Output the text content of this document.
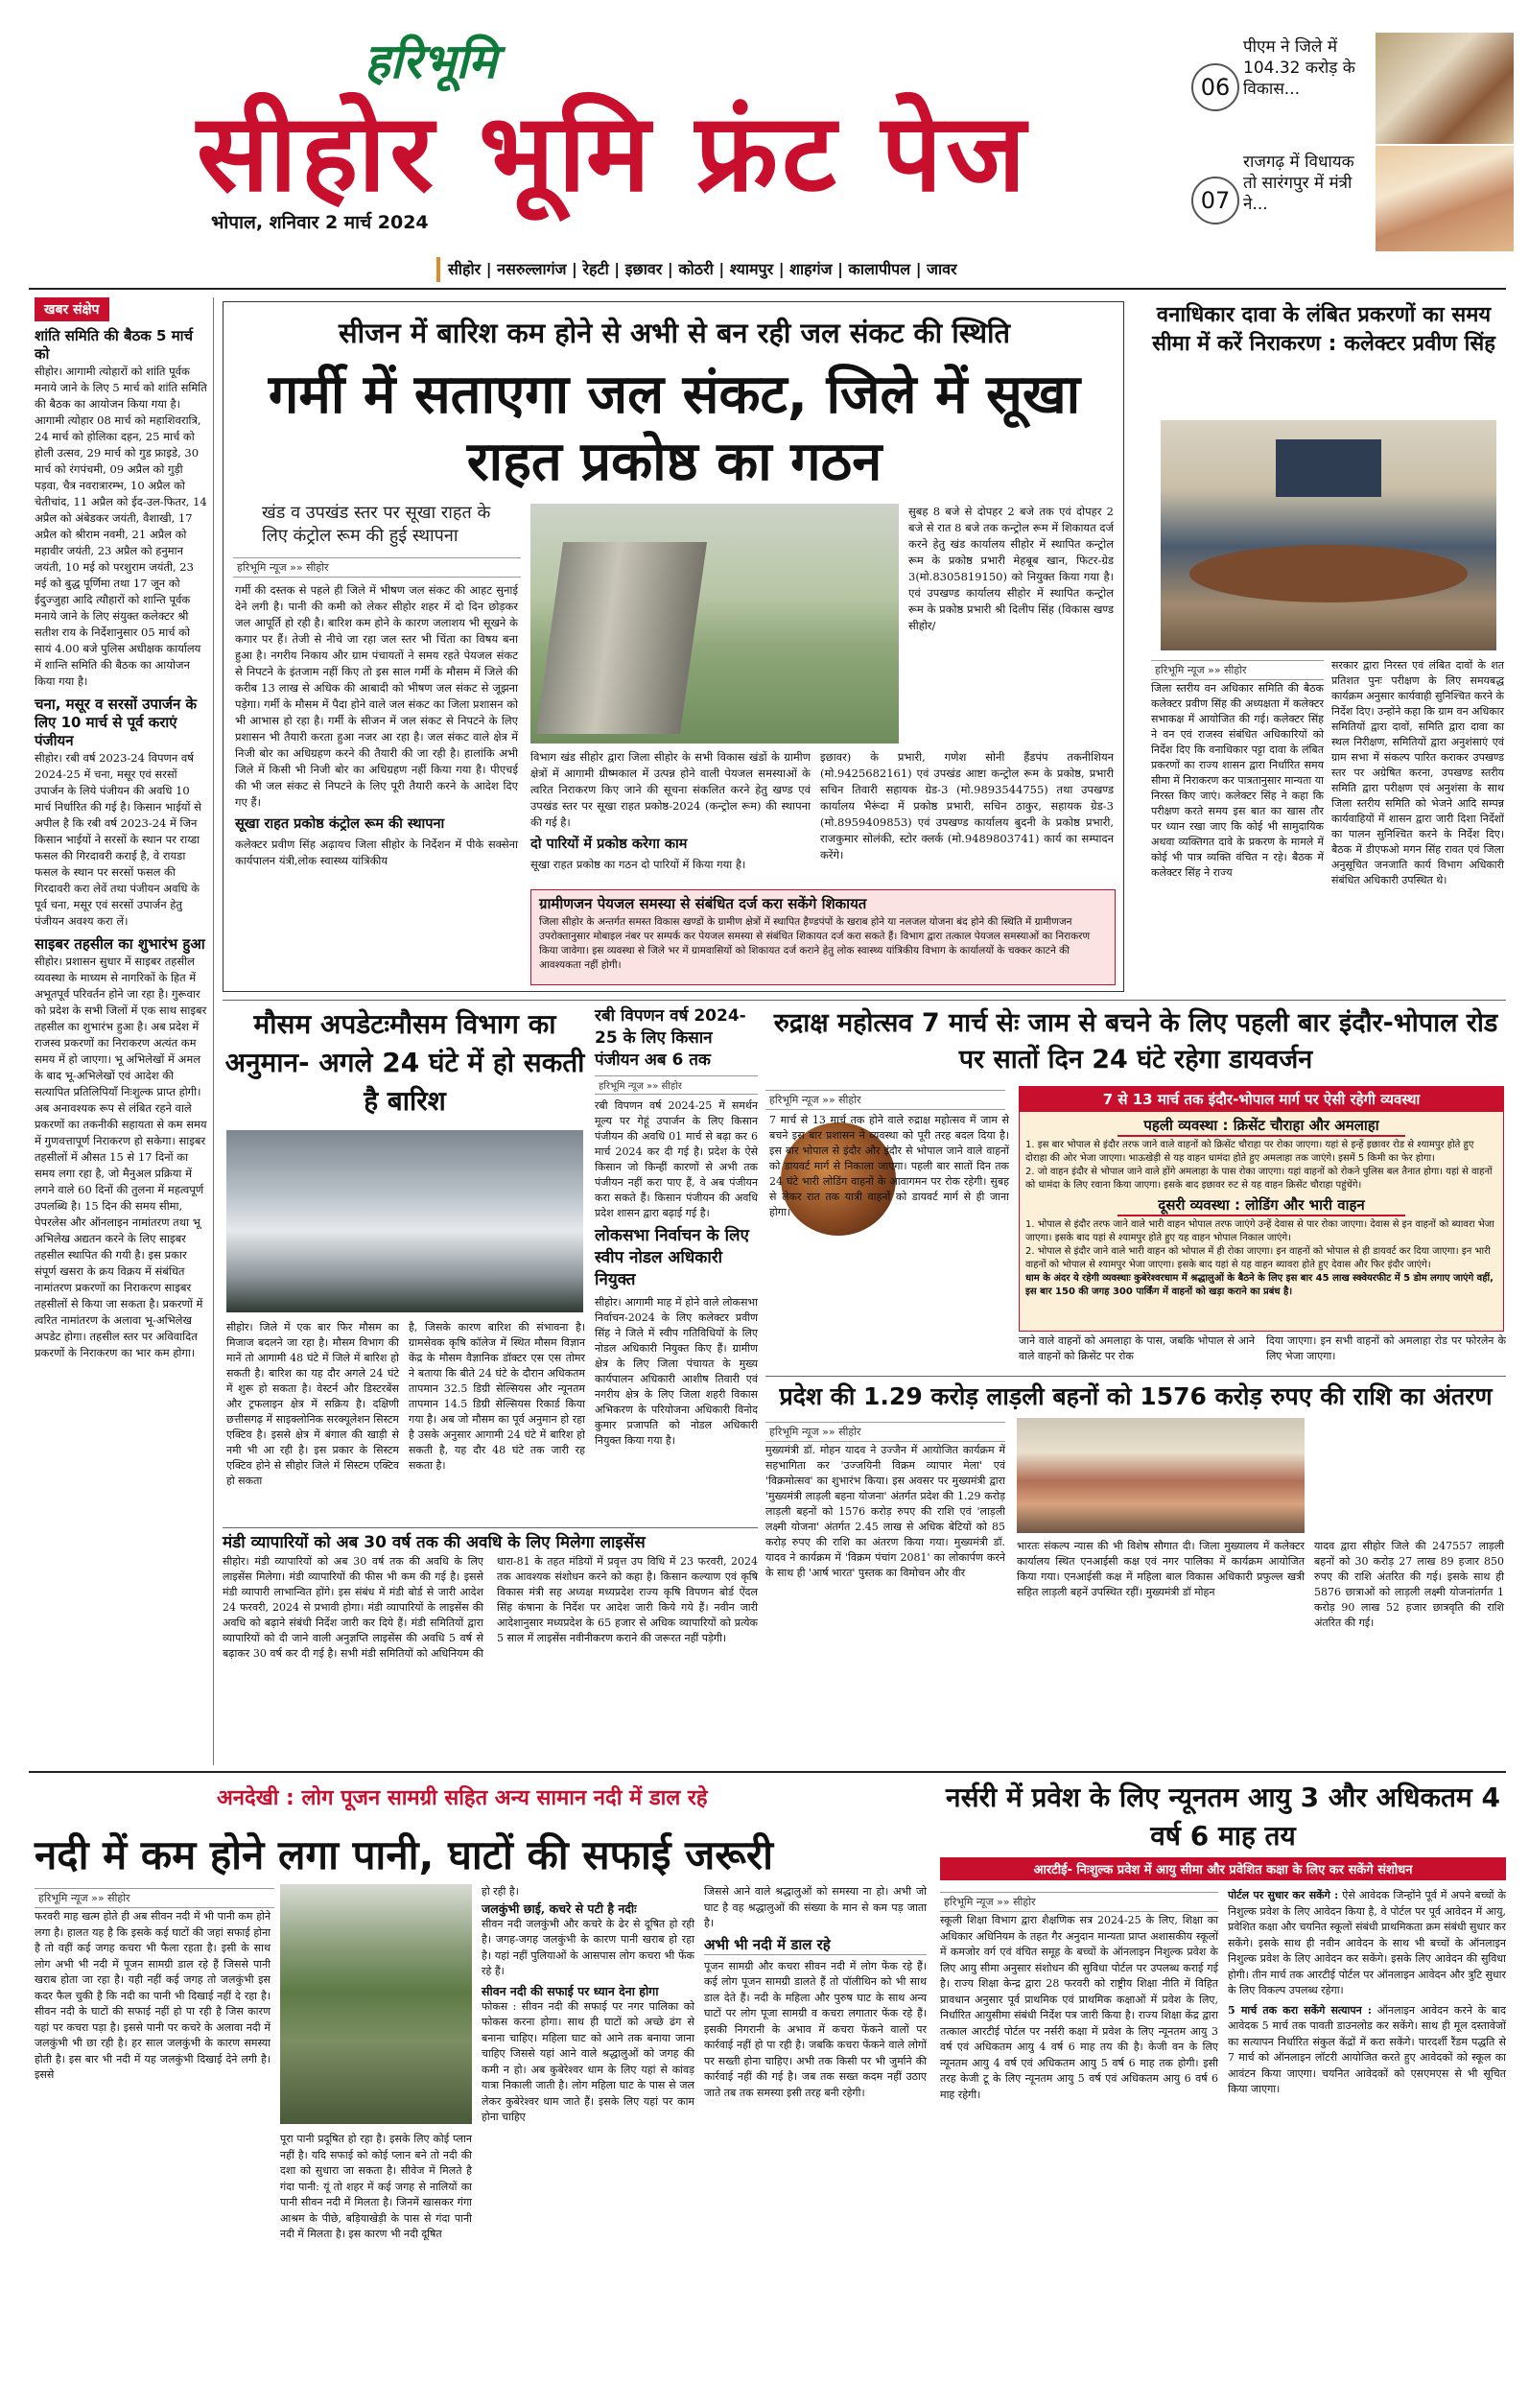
हरिभूमि
सीहोर भूमि फ्रंट पेज
भोपाल, शनिवार 2 मार्च 2024
06
पीएम ने जिले में 104.32 करोड़ के विकास...
07
राजगढ़ में विधायक तो सारंगपुर में मंत्री ने...
सीहोर | नसरुल्लागंज | रेहटी | इछावर | कोठरी | श्यामपुर | शाहगंज | कालापीपल | जावर
खबर संक्षेप
शांति समिति की बैठक 5 मार्च को
सीहोर। आगामी त्योहारों को शांति पूर्वक मनाये जाने के लिए 5 मार्च को शांति समिति की बैठक का आयोजन किया गया है। आगामी त्योहार 08 मार्च को महाशिवरात्रि, 24 मार्च को होलिका दहन, 25 मार्च को होली उत्सव, 29 मार्च को गुड फ्राइडे, 30 मार्च को रंगपंचमी, 09 अप्रैल को गुड़ी पड़वा, चैत्र नवरात्रारम्भ, 10 अप्रैल को चेतीचांद, 11 अप्रैल को ईद-उल-फितर, 14 अप्रैल को अंबेडकर जयंती, वैशाखी, 17 अप्रैल को श्रीराम नवमी, 21 अप्रैल को महावीर जयंती, 23 अप्रैल को हनुमान जयंती, 10 मई को परशुराम जयंती, 23 मई को बुद्ध पूर्णिमा तथा 17 जून को ईदुज्जुहा आदि त्यौहारों को शान्ति पूर्वक मनाये जाने के लिए संयुक्त कलेक्टर श्री सतीश राय के निर्देशानुसार 05 मार्च को सायं 4.00 बजे पुलिस अधीक्षक कार्यालय में शान्ति समिति की बैठक का आयोजन किया गया है।
चना, मसूर व सरसों उपार्जन के लिए 10 मार्च से पूर्व कराएं पंजीयन
सीहोर। रबी वर्ष 2023-24 विपणन वर्ष 2024-25 में चना, मसूर एवं सरसों उपार्जन के लिये पंजीयन की अवधि 10 मार्च निर्धारित की गई है। किसान भाईयों से अपील है कि रबी वर्ष 2023-24 में जिन किसान भाईयों ने सरसों के स्थान पर राय्डा फसल की गिरदावरी कराई है, वे रायडा फसल के स्थान पर सरसों फसल की गिरदावरी करा लेवें तथा पंजीयन अवधि के पूर्व चना, मसूर एवं सरसों उपार्जन हेतु पंजीयन अवश्य करा लें।
साइबर तहसील का शुभारंभ हुआ
सीहोर। प्रशासन सुधार में साइबर तहसील व्यवस्था के माध्यम से नागरिकों के हित में अभूतपूर्व परिवर्तन होने जा रहा है। गुरूवार को प्रदेश के सभी जिलों में एक साथ साइबर तहसील का शुभारंभ हुआ है। अब प्रदेश में राजस्व प्रकरणों का निराकरण अत्यंत कम समय में हो जाएगा। भू अभिलेखों में अमल के बाद भू-अभिलेखों एवं आदेश की सत्यापित प्रतिलिपियाँ निःशुल्क प्राप्त होगी। अब अनावश्यक रूप से लंबित रहने वाले प्रकरणों का तकनीकी सहायता से कम समय में गुणवत्तापूर्ण निराकरण हो सकेगा। साइबर तहसीलों में औसत 15 से 17 दिनों का समय लगा रहा है, जो मैनुअल प्रक्रिया में लगने वाले 60 दिनों की तुलना में महत्वपूर्ण उपलब्धि है। 15 दिन की समय सीमा, पेपरलेस और ऑनलाइन नामांतरण तथा भू अभिलेख अद्यतन करने के लिए साइबर तहसील स्थापित की गयी है। इस प्रकार संपूर्ण खसरा के क्रय विक्रय में संबंधित नामांतरण प्रकरणों का निराकरण साइबर तहसीलों से किया जा सकता है। प्रकरणों में त्वरित नामांतरण के अलावा भू-अभिलेख अपडेट होगा। तहसील स्तर पर अविवादित प्रकरणों के निराकरण का भार कम होगा।
सीजन में बारिश कम होने से अभी से बन रही जल संकट की स्थिति
गर्मी में सताएगा जल संकट, जिले में सूखा राहत प्रकोष्ठ का गठन
खंड व उपखंड स्तर पर सूखा राहत के लिए कंट्रोल रूम की हुई स्थापना
हरिभूमि न्यूज »» सीहोर
गर्मी की दस्तक से पहले ही जिले में भीषण जल संकट की आहट सुनाई देने लगी है। पानी की कमी को लेकर सीहोर शहर में दो दिन छोड़कर जल आपूर्ति हो रही है। बारिश कम होने के कारण जलाशय भी सूखने के कगार पर हैं। तेजी से नीचे जा रहा जल स्तर भी चिंता का विषय बना हुआ है। नगरीय निकाय और ग्राम पंचायतों ने समय रहते पेयजल संकट से निपटने के इंतजाम नहीं किए तो इस साल गर्मी के मौसम में जिले की करीब 13 लाख से अधिक की आबादी को भीषण जल संकट से जूझना पड़ेगा। गर्मी के मौसम में पैदा होने वाले जल संकट का जिला प्रशासन को भी आभास हो रहा है। गर्मी के सीजन में जल संकट से निपटने के लिए प्रशासन भी तैयारी करता हुआ नजर आ रहा है। जल संकट वाले क्षेत्र में निजी बोर का अधिग्रहण करने की तैयारी की जा रही है। हालांकि अभी जिले में किसी भी निजी बोर का अधिग्रहण नहीं किया गया है। पीएचई की भी जल संकट से निपटने के लिए पूरी तैयारी करने के आदेश दिए गए हैं।
सूखा राहत प्रकोष्ठ कंट्रोल रूम की स्थापना
कलेक्टर प्रवीण सिंह अढ़ायच जिला सीहोर के निर्देशन में पीके सक्सेना कार्यपालन यंत्री,लोक स्वास्थ्य यांत्रिकीय
सुबह 8 बजे से दोपहर 2 बजे तक एवं दोपहर 2 बजे से रात 8 बजे तक कन्ट्रोल रूम में शिकायत दर्ज करने हेतु खंड कार्यालय सीहोर में स्थापित कन्ट्रोल रूम के प्रकोष्ठ प्रभारी मेहबूब खान, फिटर-ग्रेड 3(मो.8305819150) को नियुक्त किया गया है। एवं उपखण्ड कार्यालय सीहोर में स्थापित कन्ट्रोल रूम के प्रकोष्ठ प्रभारी श्री दिलीप सिंह (विकास खण्ड सीहोर/
विभाग खंड सीहोर द्वारा जिला सीहोर के सभी विकास खंडों के ग्रामीण क्षेत्रों में आगामी ग्रीष्मकाल में उत्पन्न होने वाली पेयजल समस्याओं के त्वरित निराकरण किए जाने की सूचना संकलित करने हेतु खण्ड एवं उपखंड स्तर पर सूखा राहत प्रकोष्ठ-2024 (कन्ट्रोल रूम) की स्थापना की गई है।
दो पारियों में प्रकोष्ठ करेगा काम
सूखा राहत प्रकोष्ठ का गठन दो पारियों में किया गया है।
इछावर) के प्रभारी, गणेश सोनी हैंडपंप तकनीशियन (मो.9425682161) एवं उपखंड आष्टा कन्ट्रोल रूम के प्रकोष्ठ, प्रभारी सचिन तिवारी सहायक ग्रेड-3 (मो.9893544755) तथा उपखण्ड कार्यालय भैरूंदा में प्रकोष्ठ प्रभारी, सचिन ठाकुर, सहायक ग्रेड-3 (मो.8959409853) एवं उपखण्ड कार्यालय बुदनी के प्रकोष्ठ प्रभारी, राजकुमार सोलंकी, स्टोर क्लर्क (मो.9489803741) कार्य का सम्पादन करेंगे।
ग्रामीणजन पेयजल समस्या से संबंधित दर्ज करा सकेंगे शिकायत
जिला सीहोर के अन्तर्गत समस्त विकास खण्डों के ग्रामीण क्षेत्रों में स्थापित हैण्डपंपों के खराब होने या नलजल योजना बंद होने की स्थिति में ग्रामीणजन उपरोक्तानुसार मोबाइल नंबर पर सम्पर्क कर पेयजल समस्या से संबंधित शिकायत दर्ज करा सकते हैं। विभाग द्वारा तत्काल पेयजल समस्याओं का निराकरण किया जावेगा। इस व्यवस्था से जिले भर में ग्रामवासियों को शिकायत दर्ज कराने हेतु लोक स्वास्थ्य यांत्रिकीय विभाग के कार्यालयों के चक्कर काटने की आवश्यकता नहीं होगी।
वनाधिकार दावा के लंबित प्रकरणों का समय सीमा में करें निराकरण : कलेक्टर प्रवीण सिंह
हरिभूमि न्यूज »» सीहोर
जिला स्तरीय वन अधिकार समिति की बैठक कलेक्टर प्रवीण सिंह की अध्यक्षता में कलेक्टर सभाकक्ष में आयोजित की गई। कलेक्टर सिंह ने वन एवं राजस्व संबंधित अधिकारियों को निर्देश दिए कि वनाधिकार पट्टा दावा के लंबित प्रकरणों का राज्य शासन द्वारा निर्धारित समय सीमा में निराकरण कर पात्रतानुसार मान्यता या निरस्त किए जाएं। कलेक्टर सिंह ने कहा कि परीक्षण करते समय इस बात का खास तौर पर ध्यान रखा जाए कि कोई भी सामुदायिक अथवा व्यक्तिगत दावे के प्रकरण के मामले में कोई भी पात्र व्यक्ति वंचित न रहे। बैठक में कलेक्टर सिंह ने राज्य
सरकार द्वारा निरस्त एवं लंबित दावों के शत प्रतिशत पुनः परीक्षण के लिए समयबद्ध कार्यक्रम अनुसार कार्यवाही सुनिश्चित करने के निर्देश दिए। उन्होंने कहा कि ग्राम वन अधिकार समितियों द्वारा दावों, समिति द्वारा दावा का स्थल निरीक्षण, समितियों द्वारा अनुशंसाएं एवं ग्राम सभा में संकल्प पारित कराकर उपखण्ड स्तर पर अग्रेषित करना, उपखण्ड स्तरीय समिति द्वारा परीक्षण एवं अनुशंसा के साथ जिला स्तरीय समिति को भेजने आदि सम्पन्न कार्यवाहियों में शासन द्वारा जारी दिशा निर्देशों का पालन सुनिश्चित करने के निर्देश दिए। बैठक में डीएफओ मगन सिंह रावत एवं जिला अनुसूचित जनजाति कार्य विभाग अधिकारी संबंधित अधिकारी उपस्थित थे।
मौसम अपडेटःमौसम विभाग का अनुमान- अगले 24 घंटे में हो सकती है बारिश
सीहोर। जिले में एक बार फिर मौसम का मिजाज बदलने जा रहा है। मौसम विभाग की मानें तो आगामी 48 घंटे में जिले में बारिश हो सकती है। बारिश का यह दौर अगले 24 घंटे में शुरू हो सकता है। वेस्टर्न और डिस्टरबेंस और ट्रफलाइन क्षेत्र में सक्रिय है। दक्षिणी छत्तीसगढ़ में साइक्लोनिक सरक्यूलेशन सिस्टम एक्टिव है। इससे क्षेत्र में बंगाल की खाड़ी से नमी भी आ रही है। इस प्रकार के सिस्टम एक्टिव होने से सीहोर जिले में सिस्टम एक्टिव हो सकता
है, जिसके कारण बारिश की संभावना है। ग्रामसेवक कृषि कॉलेज में स्थित मौसम विज्ञान केंद्र के मौसम वैज्ञानिक डॉक्टर एस एस तोमर ने बताया कि बीते 24 घंटे के दौरान अधिकतम तापमान 32.5 डिग्री सेल्सियस और न्यूनतम तापमान 14.5 डिग्री सेल्सियस रिकार्ड किया गया है। अब जो मौसम का पूर्व अनुमान हो रहा है उसके अनुसार आगामी 24 घंटे में बारिश हो सकती है, यह दौर 48 घंटे तक जारी रह सकता है।
रबी विपणन वर्ष 2024-25 के लिए किसान पंजीयन अब 6 तक
हरिभूमि न्यूज »» सीहोर
रबी विपणन वर्ष 2024-25 में समर्थन मूल्य पर गेहूं उपार्जन के लिए किसान पंजीयन की अवधि 01 मार्च से बढ़ा कर 6 मार्च 2024 कर दी गई है। प्रदेश के ऐसे किसान जो किन्हीं कारणों से अभी तक पंजीयन नहीं करा पाए हैं, वे अब पंजीयन करा सकते हैं। किसान पंजीयन की अवधि प्रदेश शासन द्वारा बढ़ाई गई है।
लोकसभा निर्वाचन के लिए स्वीप नोडल अधिकारी नियुक्त
सीहोर। आगामी माह में होने वाले लोकसभा निर्वाचन-2024 के लिए कलेक्टर प्रवीण सिंह ने जिले में स्वीप गतिविधियों के लिए नोडल अधिकारी नियुक्त किए हैं। ग्रामीण क्षेत्र के लिए जिला पंचायत के मुख्य कार्यपालन अधिकारी आशीष तिवारी एवं नगरीय क्षेत्र के लिए जिला शहरी विकास अभिकरण के परियोजना अधिकारी विनोद कुमार प्रजापति को नोडल अधिकारी नियुक्त किया गया है।
रुद्राक्ष महोत्सव 7 मार्च सेः जाम से बचने के लिए पहली बार इंदौर-भोपाल रोड पर सातों दिन 24 घंटे रहेगा डायवर्जन
हरिभूमि न्यूज »» सीहोर
7 मार्च से 13 मार्च तक होने वाले रुद्राक्ष महोत्सव में जाम से बचने इस बार प्रशासन ने व्यवस्था को पूरी तरह बदल दिया है। इस बार भोपाल से इंदौर और इंदौर से भोपाल जाने वाले वाहनों को डायवर्ट मार्ग से निकाला जाएगा। पहली बार सातों दिन तक 24 घंटे भारी लोडिंग वाहनों के आवागमन पर रोक रहेगी। सुबह से लेकर रात तक यात्री वाहनों को डायवर्ट मार्ग से ही जाना होगा।
7 से 13 मार्च तक इंदौर-भोपाल मार्ग पर ऐसी रहेगी व्यवस्था
पहली व्यवस्था : क्रिसेंट चौराहा और अमलाहा
1. इस बार भोपाल से इंदौर तरफ जाने वाले वाहनों को क्रिसेंट चौराहा पर रोका जाएगा। यहां से इन्हें इछावर रोड से श्यामपुर होते हुए दोराहा की ओर भेजा जाएगा। भाऊखेड़ी से यह वाहन धामंदा होते हुए अमलाहा तक जाएंगे। इसमें 5 किमी का फेर होगा।
2. जो वाहन इंदौर से भोपाल जाने वाले होंगे अमलाहा के पास रोका जाएगा। यहां वाहनों को रोकने पुलिस बल तैनात होगा। यहां से वाहनों को धामंदा के लिए रवाना किया जाएगा। इसके बाद इछावर रुट से यह वाहन क्रिसेंट चौराहा पहुंचेंगे।
दूसरी व्यवस्था : लोडिंग और भारी वाहन
1. भोपाल से इंदौर तरफ जाने वाले भारी वाहन भोपाल तरफ जाएंगे उन्हें देवास से पार रोका जाएगा। देवास से इन वाहनों को ब्यावरा भेजा जाएगा। इसके बाद यहां से श्यामपुर होते हुए यह वाहन भोपाल निकाल जाएंगे।
2. भोपाल से इंदौर जाने वाले भारी वाहन को भोपाल में ही रोका जाएगा। इन वाहनों को भोपाल से ही डायवर्ट कर दिया जाएगा। इन भारी वाहनों को भोपाल से श्यामपुर भेजा जाएगा। इसके बाद यहां से यह वाहन ब्यावरा होते हुए देवास और फिर इंदौर जाएंगे।
धाम के अंदर ये रहेगी व्यवस्थाः कुबेरेश्वरधाम में श्रद्धालुओं के बैठने के लिए इस बार 45 लाख स्क्वेयरफीट में 5 डोम लगाए जाएंगे वहीं, इस बार 150 की जगह 300 पार्किंग में वाहनों को खड़ा कराने का प्रबंध है।
जाने वाले वाहनों को अमलाहा के पास, जबकि भोपाल से आने वाले वाहनों को क्रिसेंट पर रोक
दिया जाएगा। इन सभी वाहनों को अमलाहा रोड पर फोरलेन के लिए भेजा जाएगा।
प्रदेश की 1.29 करोड़ लाड़ली बहनों को 1576 करोड़ रुपए की राशि का अंतरण
हरिभूमि न्यूज »» सीहोर
मुख्यमंत्री डॉ. मोहन यादव ने उज्जैन में आयोजित कार्यक्रम में सहभागिता कर 'उज्जयिनी विक्रम व्यापार मेला' एवं 'विक्रमोत्सव' का शुभारंभ किया। इस अवसर पर मुख्यमंत्री द्वारा 'मुख्यमंत्री लाड़ली बहना योजना' अंतर्गत प्रदेश की 1.29 करोड़ लाड़ली बहनों को 1576 करोड़ रुपए की राशि एवं 'लाड़ली लक्ष्मी योजना' अंतर्गत 2.45 लाख से अधिक बेटियों को 85 करोड़ रुपए की राशि का अंतरण किया गया। मुख्यमंत्री डॉ. यादव ने कार्यक्रम में 'विक्रम पंचांग 2081' का लोकार्पण करने के साथ ही 'आर्ष भारत' पुस्तक का विमोचन और वीर
भारतः संकल्प न्यास की भी विशेष सौगात दी। जिला मुख्यालय में कलेक्टर कार्यालय स्थित एनआईसी कक्ष एवं नगर पालिका में कार्यक्रम आयोजित किया गया। एनआईसी कक्ष में महिला बाल विकास अधिकारी प्रफुल्ल खत्री सहित लाड़ली बहनें उपस्थित रहीं। मुख्यमंत्री डॉ मोहन
यादव द्वारा सीहोर जिले की 247557 लाड़ली बहनों को 30 करोड़ 27 लाख 89 हजार 850 रुपए की राशि अंतरित की गई। इसके साथ ही 5876 छात्राओं को लाड़ली लक्ष्मी योजनांतर्गत 1 करोड़ 90 लाख 52 हजार छात्रवृति की राशि अंतरित की गई।
मंडी व्यापारियों को अब 30 वर्ष तक की अवधि के लिए मिलेगा लाइसेंस
सीहोर। मंडी व्यापारियों को अब 30 वर्ष तक की अवधि के लिए लाइसेंस मिलेगा। मंडी व्यापारियों की फीस भी कम की गई है। इससे मंडी व्यापारी लाभान्वित होंगे। इस संबंध में मंडी बोर्ड से जारी आदेश 24 फरवरी, 2024 से प्रभावी होगा। मंडी व्यापारियों के लाइसेंस की अवधि को बढ़ाने संबंधी निर्देश जारी कर दिये हैं। मंडी समितियों द्वारा व्यापारियों को दी जाने वाली अनुज्ञप्ति लाइसेंस की अवधि 5 वर्ष से बढ़ाकर 30 वर्ष कर दी गई है। सभी मंडी समितियों को अधिनियम की धारा-81 के तहत मंडियों में प्रवृत्त उप विधि में 23 फरवरी, 2024 तक आवश्यक संशोधन करने को कहा है। किसान कल्याण एवं कृषि विकास मंत्री सह अध्यक्ष मध्यप्रदेश राज्य कृषि विपणन बोर्ड ऐंदल सिंह कंषाना के निर्देश पर आदेश जारी किये गये हैं। नवीन जारी आदेशानुसार मध्यप्रदेश के 65 हजार से अधिक व्यापारियों को प्रत्येक 5 साल में लाइसेंस नवीनीकरण कराने की जरूरत नहीं पड़ेगी।
अनदेखी : लोग पूजन सामग्री सहित अन्य सामान नदी में डाल रहे
नदी में कम होने लगा पानी, घाटों की सफाई जरूरी
हरिभूमि न्यूज »» सीहोर
फरवरी माह खत्म होते ही अब सीवन नदी में भी पानी कम होने लगा है। हालत यह है कि इसके कई घाटों की जहां सफाई होना है तो वहीं कई जगह कचरा भी फैला रहता है। इसी के साथ लोग अभी भी नदी में पूजन सामग्री डाल रहे हैं जिससे पानी खराब होता जा रहा है। यही नहीं कई जगह तो जलकुंभी इस कदर फैल चुकी है कि नदी का पानी भी दिखाई नहीं दे रहा है। सीवन नदी के घाटों की सफाई नहीं हो पा रही है जिस कारण यहां पर कचरा पड़ा है। इससे पानी पर कचरे के अलावा नदी में जलकुंभी भी छा रही है। हर साल जलकुंभी के कारण समस्या होती है। इस बार भी नदी में यह जलकुंभी दिखाई देने लगी है। इससे
पूरा पानी प्रदूषित हो रहा है। इसके लिए कोई प्लान नहीं है। यदि सफाई को कोई प्लान बने तो नदी की दशा को सुधारा जा सकता है। सीवेज में मिलते है गंदा पानी: यूं तो शहर में कई जगह से नालियों का पानी सीवन नदी में मिलता है। जिनमें खासकर गंगा आश्रम के पीछे, बड़ियाखेड़ी के पास से गंदा पानी नदी में मिलता है। इस कारण भी नदी दूषित
हो रही है।
जलकुंभी छाई, कचरे से पटी है नदीः
सीवन नदी जलकुंभी और कचरे के ढेर से दूषित हो रही है। जगह-जगह जलकुंभी के कारण पानी खराब हो रहा है। यहां नहीं पुलियाओं के आसपास लोग कचरा भी फेंक रहे हैं।
सीवन नदी की सफाई पर ध्यान देना होगा
फोकस : सीवन नदी की सफाई पर नगर पालिका को फोकस करना होगा। साथ ही घाटों को अच्छे ढंग से बनाना चाहिए। महिला घाट को आने तक बनाया जाना चाहिए जिससे यहां आने वाले श्रद्धालुओं को जगह की कमी न हो। अब कुबेरेश्वर धाम के लिए यहां से कांवड़ यात्रा निकाली जाती है। लोग महिला घाट के पास से जल लेकर कुबेरेश्वर धाम जाते हैं। इसके लिए यहां पर काम होना चाहिए
जिससे आने वाले श्रद्धालुओं को समस्या ना हो। अभी जो घाट है वह श्रद्धालुओं की संख्या के मान से कम पड़ जाता है।
अभी भी नदी में डाल रहे
पूजन सामग्री और कचरा सीवन नदी में लोग फेंक रहे हैं। कई लोग पूजन सामग्री डालते हैं तो पॉलीथिन को भी साथ डाल देते हैं। नदी के महिला और पुरुष घाट के साथ अन्य घाटों पर लोग पूजा सामग्री व कचरा लगातार फेंक रहे हैं। इसकी निगरानी के अभाव में कचरा फेंकने वालों पर कार्रवाई नहीं हो पा रही है। जबकि कचरा फेंकने वाले लोगों पर सख्ती होना चाहिए। अभी तक किसी पर भी जुर्माने की कार्रवाई नहीं की गई है। जब तक सख्त कदम नहीं उठाए जाते तब तक समस्या इसी तरह बनी रहेगी।
नर्सरी में प्रवेश के लिए न्यूनतम आयु 3 और अधिकतम 4 वर्ष 6 माह तय
आरटीई- निःशुल्क प्रवेश में आयु सीमा और प्रवेशित कक्षा के लिए कर सकेंगे संशोधन
हरिभूमि न्यूज »» सीहोर
स्कूली शिक्षा विभाग द्वारा शैक्षणिक सत्र 2024-25 के लिए, शिक्षा का अधिकार अधिनियम के तहत गैर अनुदान मान्यता प्राप्त अशासकीय स्कूलों में कमजोर वर्ग एवं वंचित समूह के बच्चों के ऑनलाइन निशुल्क प्रवेश के लिए आयु सीमा अनुसार संशोधन की सुविधा पोर्टल पर उपलब्ध कराई गई है। राज्य शिक्षा केन्द्र द्वारा 28 फरवरी को राष्ट्रीय शिक्षा नीति में विहित प्रावधान अनुसार पूर्व प्राथमिक एवं प्राथमिक कक्षाओं में प्रवेश के लिए, निर्धारित आयुसीमा संबंधी निर्देश पत्र जारी किया है। राज्य शिक्षा केंद्र द्वारा तत्काल आरटीई पोर्टल पर नर्सरी कक्षा में प्रवेश के लिए न्यूनतम आयु 3 वर्ष एवं अधिकतम आयु 4 वर्ष 6 माह तय की है। केजी वन के लिए न्यूनतम आयु 4 वर्ष एवं अधिकतम आयु 5 वर्ष 6 माह तक होगी। इसी तरह केजी टू के लिए न्यूनतम आयु 5 वर्ष एवं अधिकतम आयु 6 वर्ष 6 माह रहेगी।
पोर्टल पर सुधार कर सकेंगे : ऐसे आवेदक जिन्होंने पूर्व में अपने बच्चों के निशुल्क प्रवेश के लिए आवेदन किया है, वे पोर्टल पर पूर्व आवेदन में आयु, प्रवेशित कक्षा और चयनित स्कूलों संबंधी प्राथमिकता क्रम संबंधी सुधार कर सकेंगे। इसके साथ ही नवीन आवेदन के साथ भी बच्चों के ऑनलाइन निशुल्क प्रवेश के लिए आवेदन कर सकेंगे। इसके लिए आवेदन की सुविधा होगी। तीन मार्च तक आरटीई पोर्टल पर ऑनलाइन आवेदन और त्रुटि सुधार के लिए विकल्प उपलब्ध रहेगा।
5 मार्च तक करा सकेंगे सत्यापन : ऑनलाइन आवेदन करने के बाद आवेदक 5 मार्च तक पावती डाउनलोड कर सकेंगे। साथ ही मूल दस्तावेजों का सत्यापन निर्धारित संकुल केंद्रों में करा सकेंगे। पारदर्शी रैंडम पद्धति से 7 मार्च को ऑनलाइन लॉटरी आयोजित करते हुए आवेदकों को स्कूल का आवंटन किया जाएगा। चयनित आवेदकों को एसएमएस से भी सूचित किया जाएगा।
